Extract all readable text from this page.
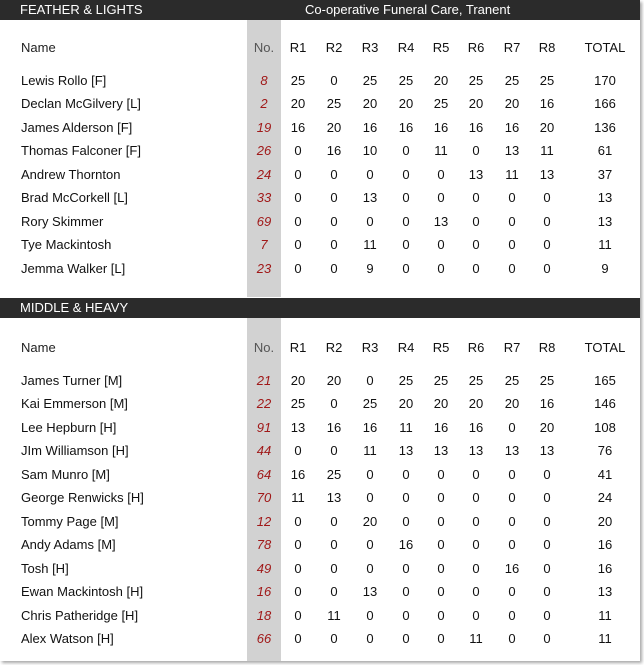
FEATHER & LIGHTS	Co-operative Funeral Care, Tranent
Name	No.	R1	R2	R3	R4	R5	R6	R7	R8	TOTAL
Lewis Rollo [F]	8	25	0	25	25	20	25	25	25	170
Declan McGilvery [L]	2	20	25	20	20	25	20	20	16	166
James Alderson [F]	19	16	20	16	16	16	16	16	20	136
Thomas Falconer [F]	26	0	16	10	0	11	0	13	11	61
Andrew Thornton	24	0	0	0	0	0	13	11	13	37
Brad McCorkell [L]	33	0	0	13	0	0	0	0	0	13
Rory Skimmer	69	0	0	0	0	13	0	0	0	13
Tye Mackintosh	7	0	0	11	0	0	0	0	0	11
Jemma Walker [L]	23	0	0	9	0	0	0	0	0	9
MIDDLE & HEAVY
Name	No.	R1	R2	R3	R4	R5	R6	R7	R8	TOTAL
James Turner [M]	21	20	20	0	25	25	25	25	25	165
Kai Emmerson [M]	22	25	0	25	20	20	20	20	16	146
Lee Hepburn [H]	91	13	16	16	11	16	16	0	20	108
JIm Williamson [H]	44	0	0	11	13	13	13	13	13	76
Sam Munro [M]	64	16	25	0	0	0	0	0	0	41
George Renwicks [H]	70	11	13	0	0	0	0	0	0	24
Tommy Page [M]	12	0	0	20	0	0	0	0	0	20
Andy Adams [M]	78	0	0	0	16	0	0	0	0	16
Tosh [H]	49	0	0	0	0	0	0	16	0	16
Ewan Mackintosh [H]	16	0	0	13	0	0	0	0	0	13
Chris Patheridge [H]	18	0	11	0	0	0	0	0	0	11
Alex Watson [H]	66	0	0	0	0	0	11	0	0	11
